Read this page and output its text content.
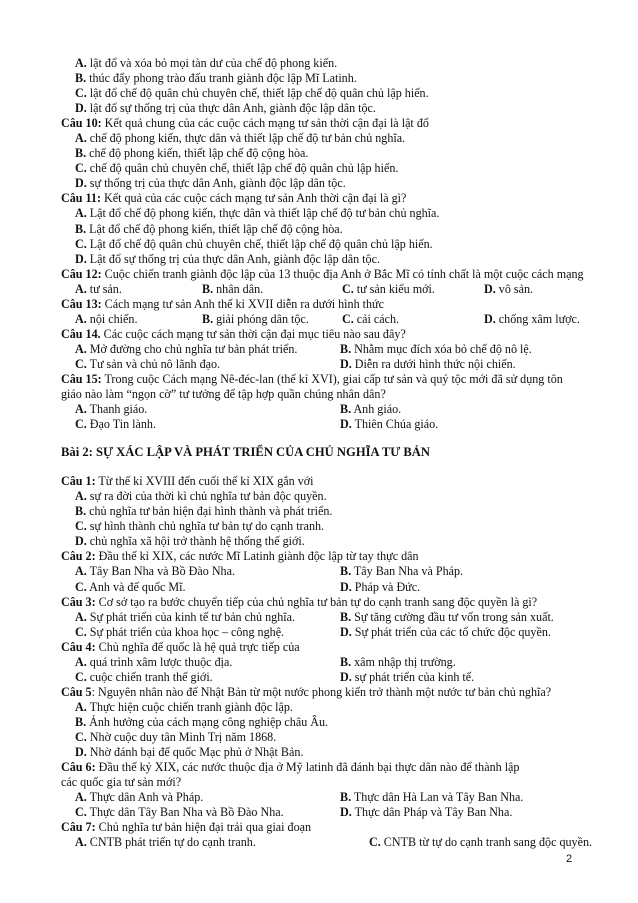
A. lật đổ và xóa bỏ mọi tàn dư của chế độ phong kiến.
B. thúc đẩy phong trào đấu tranh giành độc lập Mĩ Latinh.
C. lật đổ chế độ quân chủ chuyên chế, thiết lập chế độ quân chủ lập hiến.
D. lật đổ sự thống trị của thực dân Anh, giành độc lập dân tộc.
Câu 10: Kết quả chung của các cuộc cách mạng tư sản thời cận đại là lật đổ
A. chế độ phong kiến, thực dân và thiết lập chế độ tư bản chủ nghĩa.
B. chế độ phong kiến, thiết lập chế độ cộng hòa.
C. chế độ quân chủ chuyên chế, thiết lập chế độ quân chủ lập hiến.
D. sự thống trị của thực dân Anh, giành độc lập dân tộc.
Câu 11: Kết quả của các cuộc cách mạng tư sản Anh thời cận đại là gì?
A. Lật đổ chế độ phong kiến, thực dân và thiết lập chế độ tư bản chủ nghĩa.
B. Lật đổ chế độ phong kiến, thiết lập chế độ cộng hòa.
C. Lật đổ chế độ quân chủ chuyên chế, thiết lập chế độ quân chủ lập hiến.
D. Lật đổ sự thống trị của thực dân Anh, giành độc lập dân tộc.
Câu 12: Cuộc chiến tranh giành độc lập của 13 thuộc địa Anh ở Bắc Mĩ có tính chất là một cuộc cách mạng
A. tư sản.	B. nhân dân.	C. tư sản kiểu mới.	D. vô sản.
Câu 13: Cách mạng tư sản Anh thế kỉ XVII diễn ra dưới hình thức
A. nội chiến.	B. giải phóng dân tộc.	C. cải cách.	D. chống xâm lược.
Câu 14. Các cuộc cách mạng tư sản thời cận đại mục tiêu nào sau đây?
A. Mở đường cho chủ nghĩa tư bản phát triển.	B. Nhằm mục đích xóa bỏ chế độ nô lệ.
C. Tư sản và chủ nô lãnh đạo.	D. Diễn ra dưới hình thức nội chiến.
Câu 15: Trong cuộc Cách mạng Nê-đéc-lan (thế kỉ XVI), giai cấp tư sản và quý tộc mới đã sử dụng tôn
giáo nào làm “ngọn cờ” tư tưởng để tập hợp quần chúng nhân dân?
A. Thanh giáo.	B. Anh giáo.
C. Đạo Tin lành.	D. Thiên Chúa giáo.
Bài 2: SỰ XÁC LẬP VÀ PHÁT TRIỂN CỦA CHỦ NGHĨA TƯ BẢN
Câu 1: Từ thế kỉ XVIII đến cuối thế kỉ XIX gắn với
A. sự ra đời của thời kì chủ nghĩa tư bản độc quyền.
B. chủ nghĩa tư bản hiện đại hình thành và phát triển.
C. sự hình thành chủ nghĩa tư bản tự do cạnh tranh.
D. chủ nghĩa xã hội trở thành hệ thống thế giới.
Câu 2: Đầu thế kỉ XIX, các nước Mĩ Latinh giành độc lập từ tay thực dân
A. Tây Ban Nha và Bồ Đào Nha.	B. Tây Ban Nha và Pháp.
C. Anh và đế quốc Mĩ.	D. Pháp và Đức.
Câu 3: Cơ sở tạo ra bước chuyển tiếp của chủ nghĩa tư bản tự do cạnh tranh sang độc quyền là gì?
A. Sự phát triển của kinh tế tư bản chủ nghĩa.	B. Sự tăng cường đầu tư vốn trong sản xuất.
C. Sự phát triển của khoa học – công nghệ.	D. Sự phát triển của các tổ chức độc quyền.
Câu 4: Chủ nghĩa đế quốc là hệ quả trực tiếp của
A. quá trình xâm lược thuộc địa.	B. xâm nhập thị trường.
C. cuộc chiến tranh thế giới.	D. sự phát triển của kinh tế.
Câu 5: Nguyên nhân nào để Nhật Bản từ một nước phong kiến trở thành một nước tư bản chủ nghĩa?
A. Thực hiện cuộc chiến tranh giành độc lập.
B. Ảnh hưởng của cách mạng công nghiệp châu Âu.
C. Nhờ cuộc duy tân Minh Trị năm 1868.
D. Nhờ đánh bại đế quốc Mạc phủ ở Nhật Bản.
Câu 6: Đầu thế kỷ XIX, các nước thuộc địa ở Mỹ latinh đã đánh bại thực dân nào để thành lập
các quốc gia tư sản mới?
A. Thực dân Anh và Pháp.	B. Thực dân Hà Lan và Tây Ban Nha.
C. Thực dân Tây Ban Nha và Bồ Đào Nha.	D. Thực dân Pháp và Tây Ban Nha.
Câu 7: Chủ nghĩa tư bản hiện đại trải qua giai đoạn
A. CNTB phát triển tự do cạnh tranh.	C. CNTB từ tự do cạnh tranh sang độc quyền.
2
